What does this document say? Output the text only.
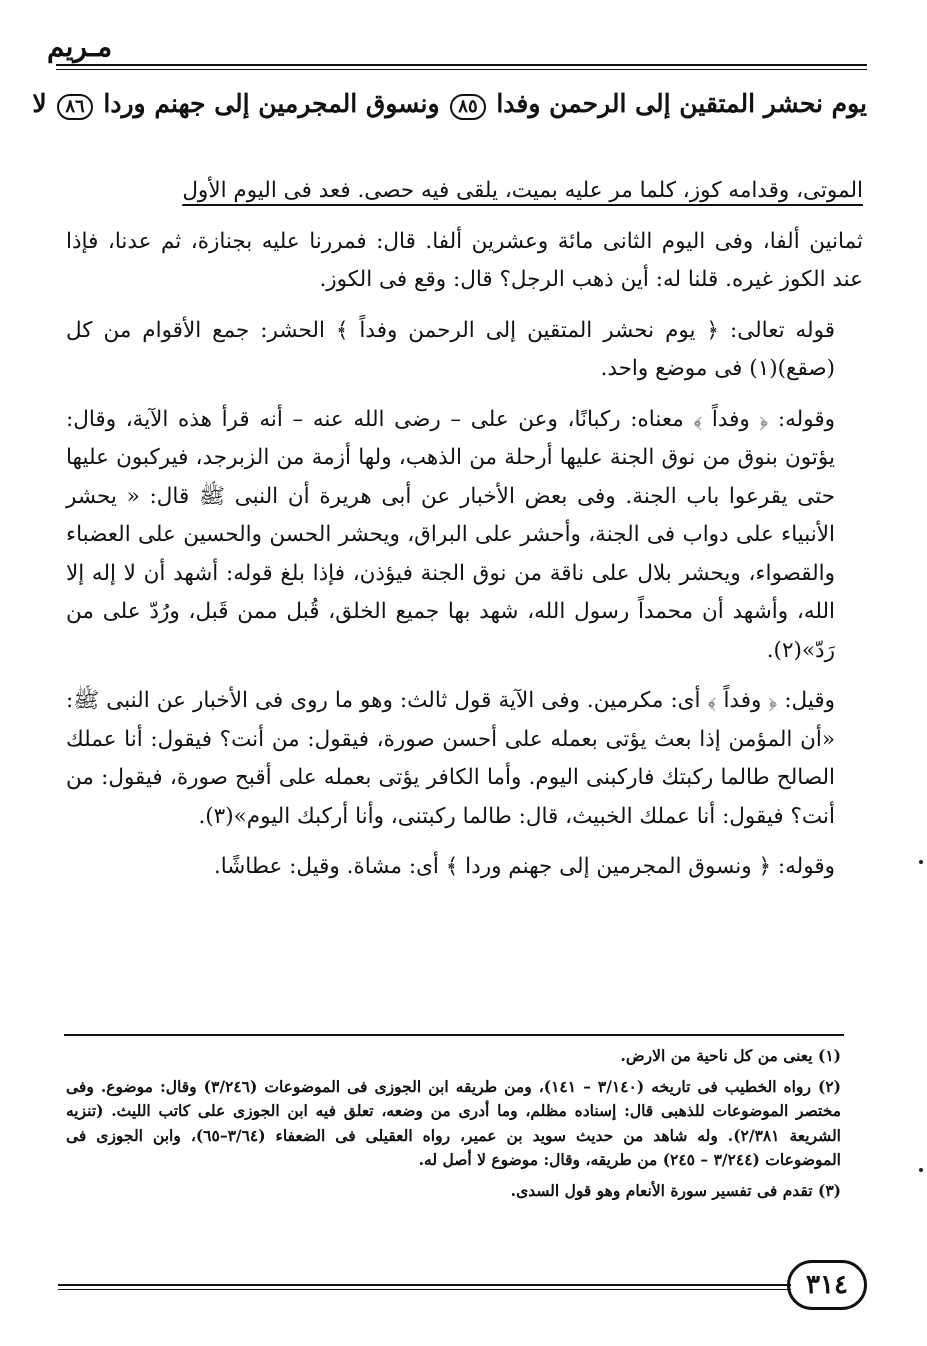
مـريم
يوم نحشر المتقين إلى الرحمن وفدا ٨٥ ونسوق المجرمين إلى جهنم وردا ٨٦ لا

الموتى، وقدامه كوز، كلما مر عليه بميت، يلقى فيه حصى. فعد فى اليوم الأول

ثمانين ألفا، وفى اليوم الثانى مائة وعشرين ألفا. قال: فمررنا عليه بجنازة، ثم عدنا، فإذا عند الكوز غيره. قلنا له: أين ذهب الرجل؟ قال: وقع فى الكوز.

قوله تعالى: ﴿ يوم نحشر المتقين إلى الرحمن وفداً ﴾ الحشر: جمع الأقوام من كل (صقع)(١) فى موضع واحد.

وقوله: ﴿ وفداً ﴾ معناه: ركبانًا، وعن على – رضى الله عنه – أنه قرأ هذه الآية، وقال: يؤتون بنوق من نوق الجنة عليها أرحلة من الذهب، ولها أزمة من الزبرجد، فيركبون عليها حتى يقرعوا باب الجنة. وفى بعض الأخبار عن أبى هريرة أن النبى ﷺ قال: « يحشر الأنبياء على دواب فى الجنة، وأحشر على البراق، ويحشر الحسن والحسين على العضباء والقصواء، ويحشر بلال على ناقة من نوق الجنة فيؤذن، فإذا بلغ قوله: أشهد أن لا إله إلا الله، وأشهد أن محمداً رسول الله، شهد بها جميع الخلق، قُبل ممن قَبل، ورُدّ على من رَدّ»(٢).

وقيل: ﴿ وفداً ﴾ أى: مكرمين. وفى الآية قول ثالث: وهو ما روى فى الأخبار عن النبى ﷺ: «أن المؤمن إذا بعث يؤتى بعمله على أحسن صورة، فيقول: من أنت؟ فيقول: أنا عملك الصالح طالما ركبتك فاركبنى اليوم. وأما الكافر يؤتى بعمله على أقبح صورة، فيقول: من أنت؟ فيقول: أنا عملك الخبيث، قال: طالما ركبتنى، وأنا أركبك اليوم»(٣).

وقوله: ﴿ ونسوق المجرمين إلى جهنم وردا ﴾ أى: مشاة. وقيل: عطاشًا.

(١) يعنى من كل ناحية من الارض.

(٢) رواه الخطيب فى تاريخه (٣/١٤٠ – ١٤١)، ومن طريقه ابن الجوزى فى الموضوعات (٣/٢٤٦) وقال: موضوع. وفى مختصر الموضوعات للذهبى قال: إسناده مظلم، وما أدرى من وضعه، تعلق فيه ابن الجوزى على كاتب الليث. (تنزيه الشريعة ٢/٣٨١). وله شاهد من حديث سويد بن عمير، رواه العقيلى فى الضعفاء (٣/٦٤–٦٥)، وابن الجوزى فى الموضوعات (٣/٢٤٤ – ٢٤٥) من طريقه، وقال: موضوع لا أصل له.

(٣) تقدم فى تفسير سورة الأنعام وهو قول السدى.

٣١٤
